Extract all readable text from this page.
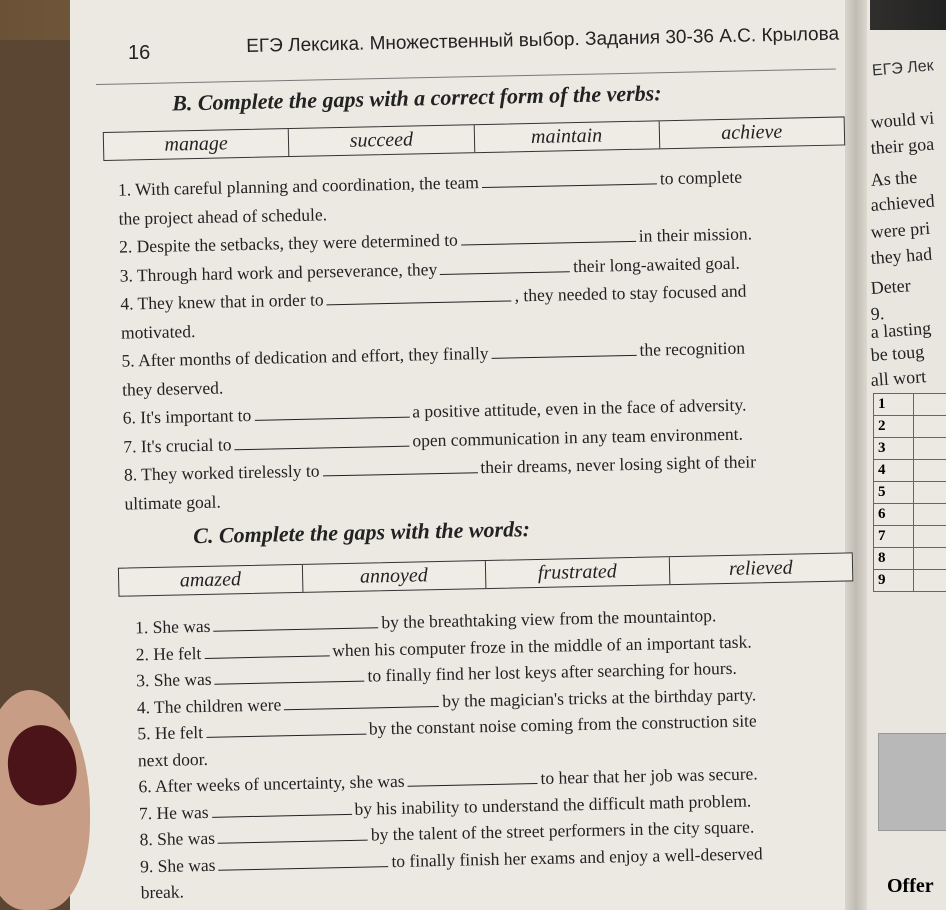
16	ЕГЭ Лексика. Множественный выбор. Задания 30-36 А.С. Крылова
B. Complete the gaps with a correct form of the verbs:
manage	succeed	maintain	achieve
1. With careful planning and coordination, the team	to complete
the project ahead of schedule.
2. Despite the setbacks, they were determined to	in their mission.
3. Through hard work and perseverance, they	their long-awaited goal.
4. They knew that in order to	, they needed to stay focused and
motivated.
5. After months of dedication and effort, they finally	the recognition
they deserved.
6. It's important to	a positive attitude, even in the face of adversity.
7. It's crucial to	open communication in any team environment.
8. They worked tirelessly to	their dreams, never losing sight of their
ultimate goal.
C. Complete the gaps with the words:
amazed	annoyed	frustrated	relieved
1. She was	by the breathtaking view from the mountaintop.
2. He felt	when his computer froze in the middle of an important task.
3. She was	to finally find her lost keys after searching for hours.
4. The children were	by the magician's tricks at the birthday party.
5. He felt	by the constant noise coming from the construction site
next door.
6. After weeks of uncertainty, she was	to hear that her job was secure.
7. He was	by his inability to understand the difficult math problem.
8. She was	by the talent of the street performers in the city square.
9. She was	to finally finish her exams and enjoy a well-deserved
break.
ЕГЭ Лек
would vi
their goa
As the
achieved
were pri
they had
Deter
9.
a lasting
be toug
all wort
1	
2	
3	
4	
5	
6	
7	
8	
9	
Offer
